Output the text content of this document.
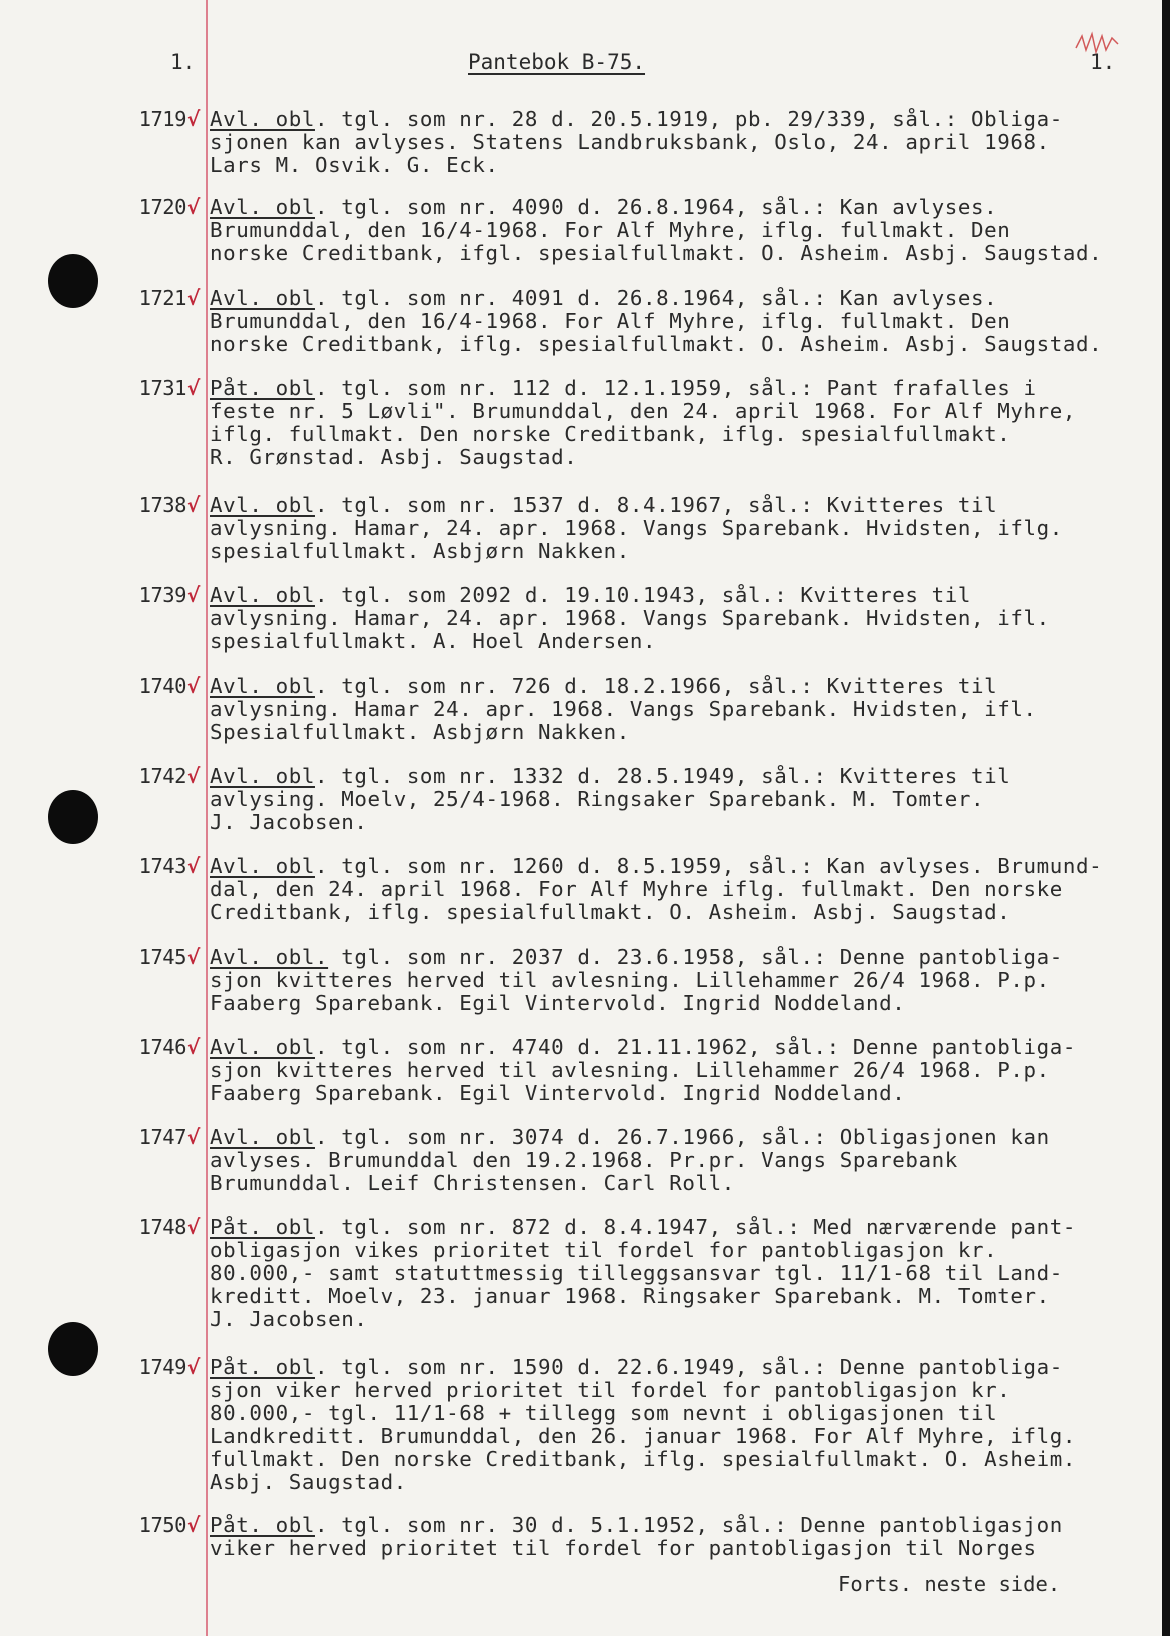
1.	Pantebok B-75.	1.
1719 √ Avl. obl. tgl. som nr. 28 d. 20.5.1919, pb. 29/339, sål.: Obliga-
sjonen kan avlyses. Statens Landbruksbank, Oslo, 24. april 1968.
Lars M. Osvik. G. Eck.
1720 √ Avl. obl. tgl. som nr. 4090 d. 26.8.1964, sål.: Kan avlyses.
Brumunddal, den 16/4-1968. For Alf Myhre, iflg. fullmakt. Den
norske Creditbank, ifgl. spesialfullmakt. O. Asheim. Asbj. Saugstad.
1721 √ Avl. obl. tgl. som nr. 4091 d. 26.8.1964, sål.: Kan avlyses.
Brumunddal, den 16/4-1968. For Alf Myhre, iflg. fullmakt. Den
norske Creditbank, iflg. spesialfullmakt. O. Asheim. Asbj. Saugstad.
1731 √ Påt. obl. tgl. som nr. 112 d. 12.1.1959, sål.: Pant frafalles i
feste nr. 5 Løvli". Brumunddal, den 24. april 1968. For Alf Myhre,
iflg. fullmakt. Den norske Creditbank, iflg. spesialfullmakt.
R. Grønstad. Asbj. Saugstad.
1738 √ Avl. obl. tgl. som nr. 1537 d. 8.4.1967, sål.: Kvitteres til
avlysning. Hamar, 24. apr. 1968. Vangs Sparebank. Hvidsten, iflg.
spesialfullmakt. Asbjørn Nakken.
1739 √ Avl. obl. tgl. som 2092 d. 19.10.1943, sål.: Kvitteres til
avlysning. Hamar, 24. apr. 1968. Vangs Sparebank. Hvidsten, ifl.
spesialfullmakt. A. Hoel Andersen.
1740 √ Avl. obl. tgl. som nr. 726 d. 18.2.1966, sål.: Kvitteres til
avlysning. Hamar 24. apr. 1968. Vangs Sparebank. Hvidsten, ifl.
Spesialfullmakt. Asbjørn Nakken.
1742 √ Avl. obl. tgl. som nr. 1332 d. 28.5.1949, sål.: Kvitteres til
avlysing. Moelv, 25/4-1968. Ringsaker Sparebank. M. Tomter.
J. Jacobsen.
1743 √ Avl. obl. tgl. som nr. 1260 d. 8.5.1959, sål.: Kan avlyses. Brumund-
dal, den 24. april 1968. For Alf Myhre iflg. fullmakt. Den norske
Creditbank, iflg. spesialfullmakt. O. Asheim. Asbj. Saugstad.
1745 √ Avl. obl. tgl. som nr. 2037 d. 23.6.1958, sål.: Denne pantobliga-
sjon kvitteres herved til avlesning. Lillehammer 26/4 1968. P.p.
Faaberg Sparebank. Egil Vintervold. Ingrid Noddeland.
1746 √ Avl. obl. tgl. som nr. 4740 d. 21.11.1962, sål.: Denne pantobliga-
sjon kvitteres herved til avlesning. Lillehammer 26/4 1968. P.p.
Faaberg Sparebank. Egil Vintervold. Ingrid Noddeland.
1747 √ Avl. obl. tgl. som nr. 3074 d. 26.7.1966, sål.: Obligasjonen kan
avlyses. Brumunddal den 19.2.1968. Pr.pr. Vangs Sparebank
Brumunddal. Leif Christensen. Carl Roll.
1748 √ Påt. obl. tgl. som nr. 872 d. 8.4.1947, sål.: Med nærværende pant-
obligasjon vikes prioritet til fordel for pantobligasjon kr.
80.000,- samt statuttmessig tilleggsansvar tgl. 11/1-68 til Land-
kreditt. Moelv, 23. januar 1968. Ringsaker Sparebank. M. Tomter.
J. Jacobsen.
1749 √ Påt. obl. tgl. som nr. 1590 d. 22.6.1949, sål.: Denne pantobliga-
sjon viker herved prioritet til fordel for pantobligasjon kr.
80.000,- tgl. 11/1-68 + tillegg som nevnt i obligasjonen til
Landkreditt. Brumunddal, den 26. januar 1968. For Alf Myhre, iflg.
fullmakt. Den norske Creditbank, iflg. spesialfullmakt. O. Asheim.
Asbj. Saugstad.
1750 √ Påt. obl. tgl. som nr. 30 d. 5.1.1952, sål.: Denne pantobligasjon
viker herved prioritet til fordel for pantobligasjon til Norges
Forts. neste side.
